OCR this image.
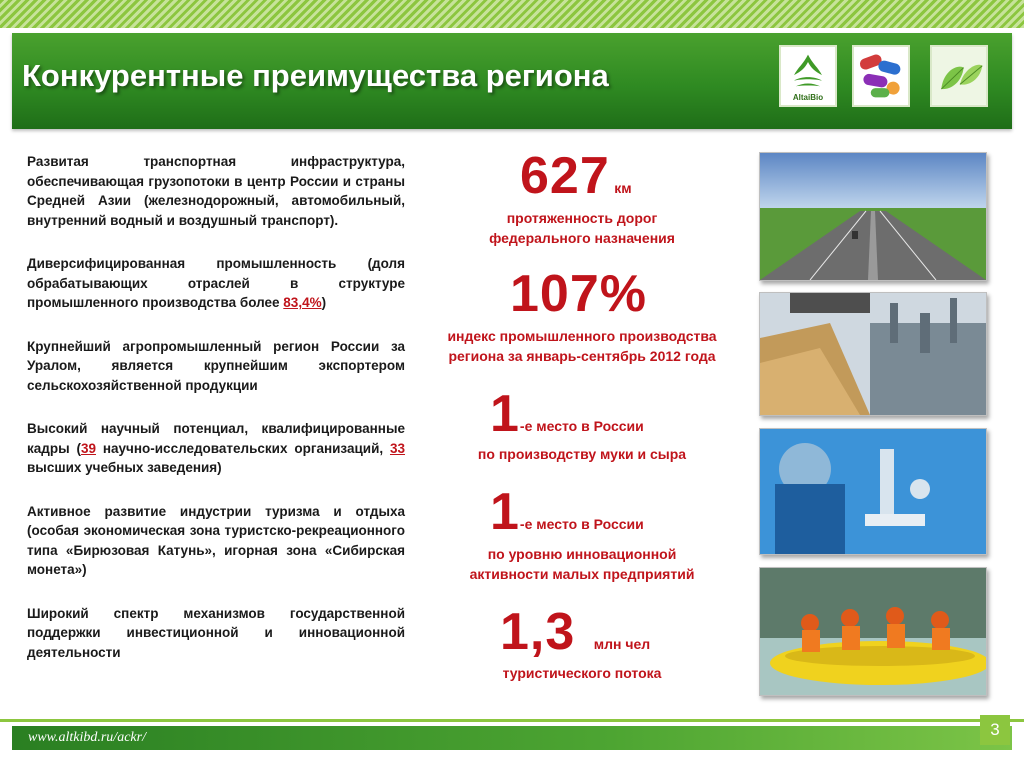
Конкурентные преимущества региона
AltaiBio

Развитая транспортная инфраструктура, обеспечивающая грузопотоки в центр России и страны Средней Азии (железнодорожный, автомобильный, внутренний водный и воздушный транспорт).

Диверсифицированная промышленность (доля обрабатывающих отраслей в структуре промышленного производства более 83,4%)

Крупнейший агропромышленный регион России за Уралом, является крупнейшим экспортером сельскохозяйственной продукции

Высокий научный потенциал, квалифицированные кадры (39 научно-исследовательских организаций, 33 высших учебных заведения)

Активное развитие индустрии туризма и отдыха (особая экономическая зона туристско-рекреационного типа «Бирюзовая Катунь», игорная зона «Сибирская монета»)

Широкий спектр механизмов государственной поддержки инвестиционной и инновационной деятельности

627 км
протяженность дорог
федерального назначения
107%
индекс промышленного производства
региона за январь-сентябрь 2012 года
1-е место в России
по производству муки и сыра
1-е место в России
по уровню инновационной
активности малых предприятий
1,3 млн чел
туристического потока
www.altkibd.ru/ackr/	3
